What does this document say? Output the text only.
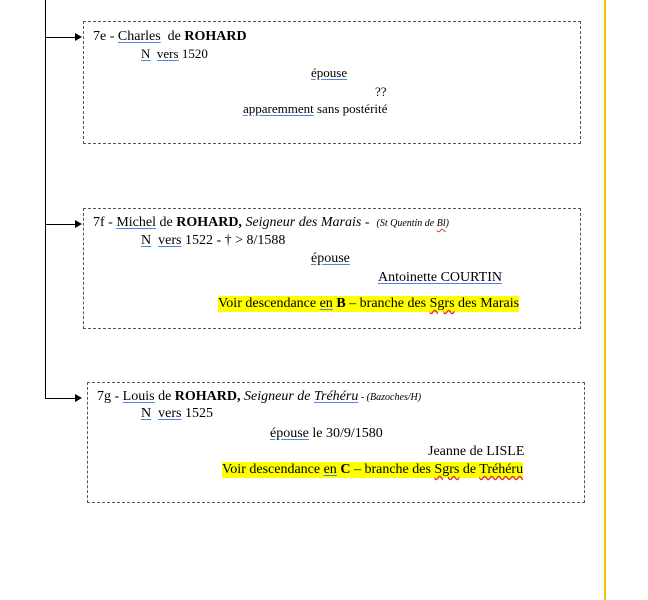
7e - Charles de ROHARD
N vers 1520
épouse
??
apparemment sans postérité
7f - Michel de ROHARD, Seigneur des Marais -  (St Quentin de Bl)
N vers 1522 - † > 8/1588
épouse
Antoinette COURTIN
Voir descendance en B – branche des Sgrs des Marais
7g - Louis de ROHARD, Seigneur de Tréhéru - (Bazoches/H)
N vers 1525
épouse le 30/9/1580
Jeanne de LISLE
Voir descendance en C – branche des Sgrs de Tréhéru
